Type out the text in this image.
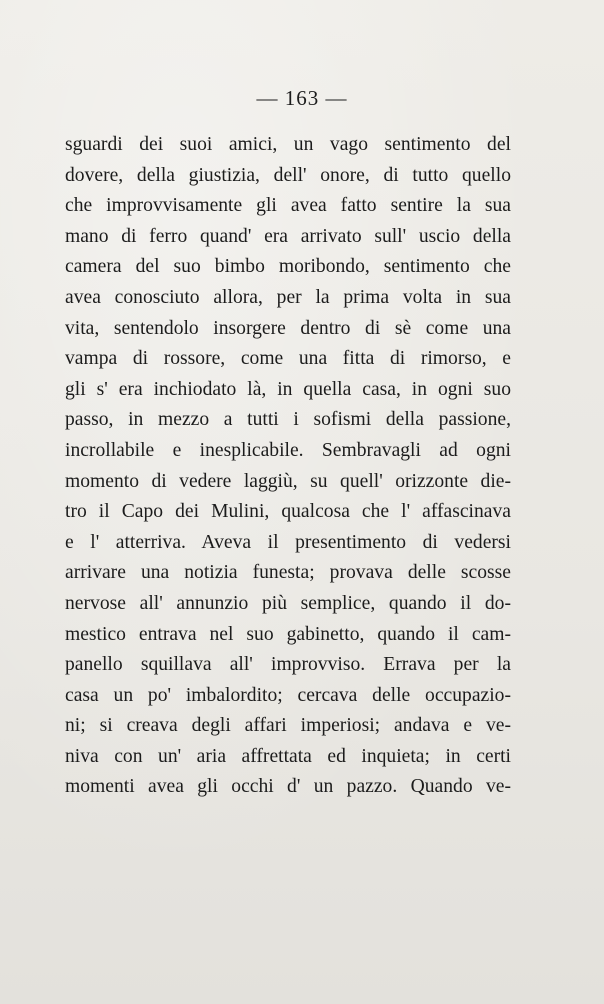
— 163 —
sguardi dei suoi amici, un vago sentimento del
dovere, della giustizia, dell' onore, di tutto quello
che improvvisamente gli avea fatto sentire la sua
mano di ferro quand' era arrivato sull' uscio della
camera del suo bimbo moribondo, sentimento che
avea conosciuto allora, per la prima volta in sua
vita, sentendolo insorgere dentro di sè come una
vampa di rossore, come una fitta di rimorso, e
gli s' era inchiodato là, in quella casa, in ogni suo
passo, in mezzo a tutti i sofismi della passione,
incrollabile e inesplicabile. Sembravagli ad ogni
momento di vedere laggiù, su quell' orizzonte die-
tro il Capo dei Mulini, qualcosa che l' affascinava
e l' atterriva. Aveva il presentimento di vedersi
arrivare una notizia funesta; provava delle scosse
nervose all' annunzio più semplice, quando il do-
mestico entrava nel suo gabinetto, quando il cam-
panello squillava all' improvviso. Errava per la
casa un po' imbalordito; cercava delle occupazio-
ni; si creava degli affari imperiosi; andava e ve-
niva con un' aria affrettata ed inquieta; in certi
momenti avea gli occhi d' un pazzo. Quando ve-
